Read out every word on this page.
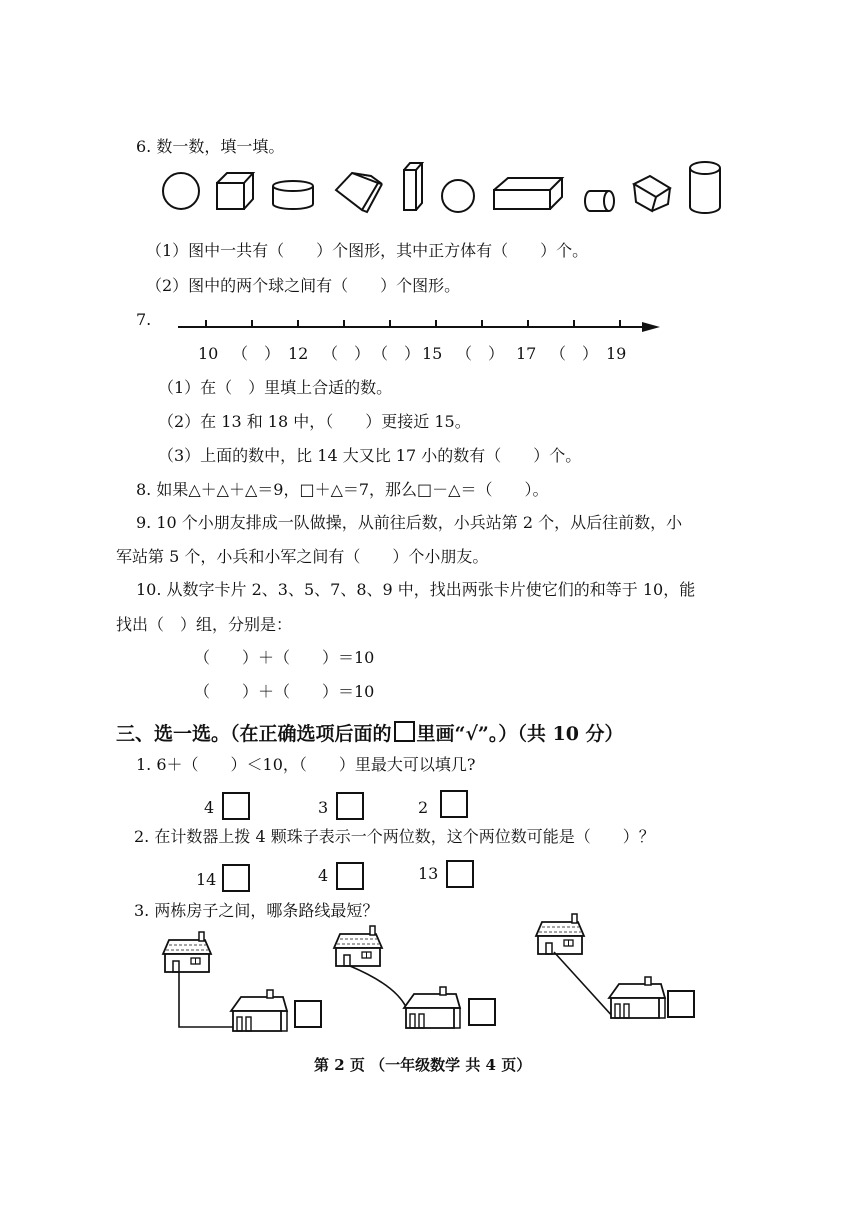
6. 数一数，填一填。
（1）图中一共有（　　）个图形，其中正方体有（　　）个。
（2）图中的两个球之间有（　　）个图形。
7.
10 （　） 12 （　） （　） 15 （　） 17 （　） 19
（1）在（　）里填上合适的数。
（2）在 13 和 18 中，（　　）更接近 15。
（3）上面的数中，比 14 大又比 17 小的数有（　　）个。
8. 如果△＋△＋△＝9，□＋△＝7，那么□－△＝（　　）。
9. 10 个小朋友排成一队做操，从前往后数，小兵站第 2 个，从后往前数，小
军站第 5 个，小兵和小军之间有（　　）个小朋友。
10. 从数字卡片 2、3、5、7、8、9 中，找出两张卡片使它们的和等于 10，能
找出（　）组，分别是：
（　　）＋（　　）＝10
（　　）＋（　　）＝10
三、选一选。（在正确选项后面的 里画“√”。）（共 10 分）
1. 6＋（　　）＜10，（　　）里最大可以填几?
4	3	2
2. 在计数器上拨 4 颗珠子表示一个两位数，这个两位数可能是（　　）？
14	4	13
3. 两栋房子之间，哪条路线最短？
第 2 页 （一年级数学 共 4 页）
